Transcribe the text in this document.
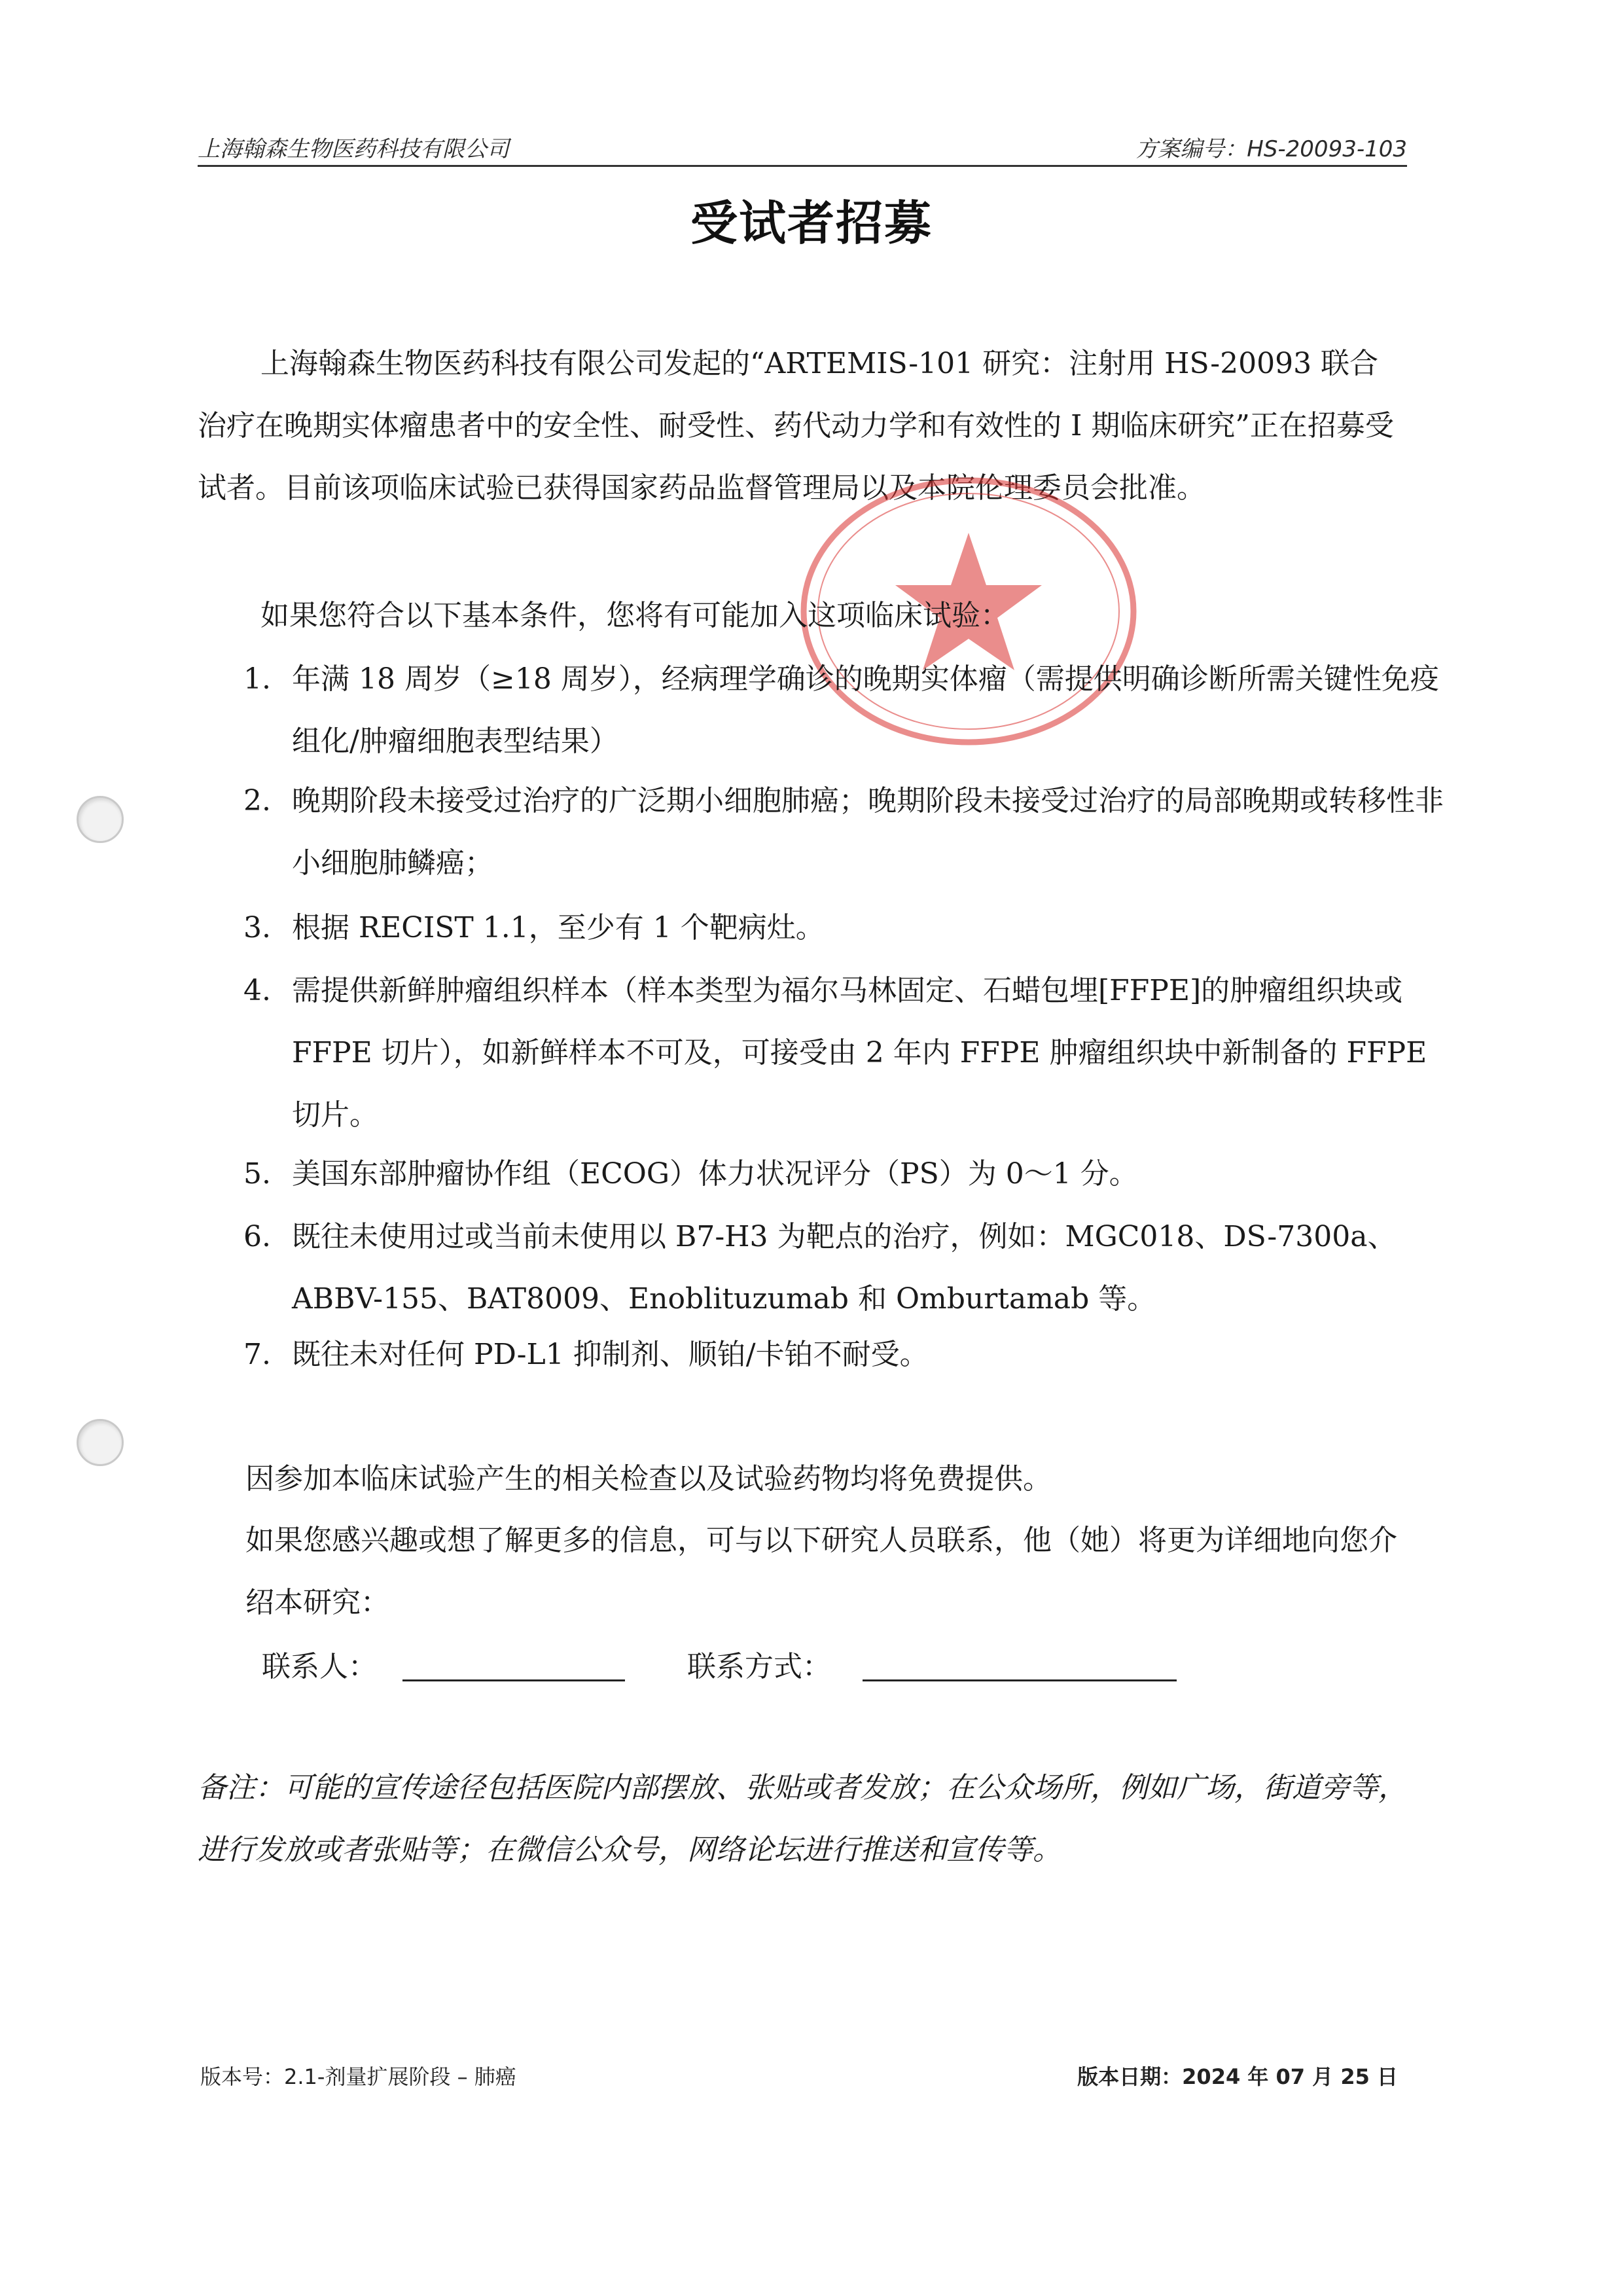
上海翰森生物医药科技有限公司	方案编号：HS-20093-103
受试者招募

上海翰森生物医药科技有限公司发起的“ARTEMIS-101 研究：注射用 HS-20093 联合治疗在晚期实体瘤患者中的安全性、耐受性、药代动力学和有效性的 I 期临床研究”正在招募受试者。目前该项临床试验已获得国家药品监督管理局以及本院伦理委员会批准。

如果您符合以下基本条件，您将有可能加入这项临床试验：

1. 年满 18 周岁（≥18 周岁），经病理学确诊的晚期实体瘤（需提供明确诊断所需关键性免疫组化/肿瘤细胞表型结果）
2. 晚期阶段未接受过治疗的广泛期小细胞肺癌；晚期阶段未接受过治疗的局部晚期或转移性非小细胞肺鳞癌；
3. 根据 RECIST 1.1，至少有 1 个靶病灶。
4. 需提供新鲜肿瘤组织样本（样本类型为福尔马林固定、石蜡包埋[FFPE]的肿瘤组织块或 FFPE 切片），如新鲜样本不可及，可接受由 2 年内 FFPE 肿瘤组织块中新制备的 FFPE 切片。
5. 美国东部肿瘤协作组（ECOG）体力状况评分（PS）为 0～1 分。
6. 既往未使用过或当前未使用以 B7-H3 为靶点的治疗，例如：MGC018、DS-7300a、ABBV-155、BAT8009、Enoblituzumab 和 Omburtamab 等。
7. 既往未对任何 PD-L1 抑制剂、顺铂/卡铂不耐受。

因参加本临床试验产生的相关检查以及试验药物均将免费提供。

如果您感兴趣或想了解更多的信息，可与以下研究人员联系，他（她）将更为详细地向您介绍本研究：

联系人：	联系方式：
备注：可能的宣传途径包括医院内部摆放、张贴或者发放；在公众场所，例如广场，街道旁等，进行发放或者张贴等；在微信公众号，网络论坛进行推送和宣传等。
版本号：2.1-剂量扩展阶段 – 肺癌	版本日期：2024 年 07 月 25 日
